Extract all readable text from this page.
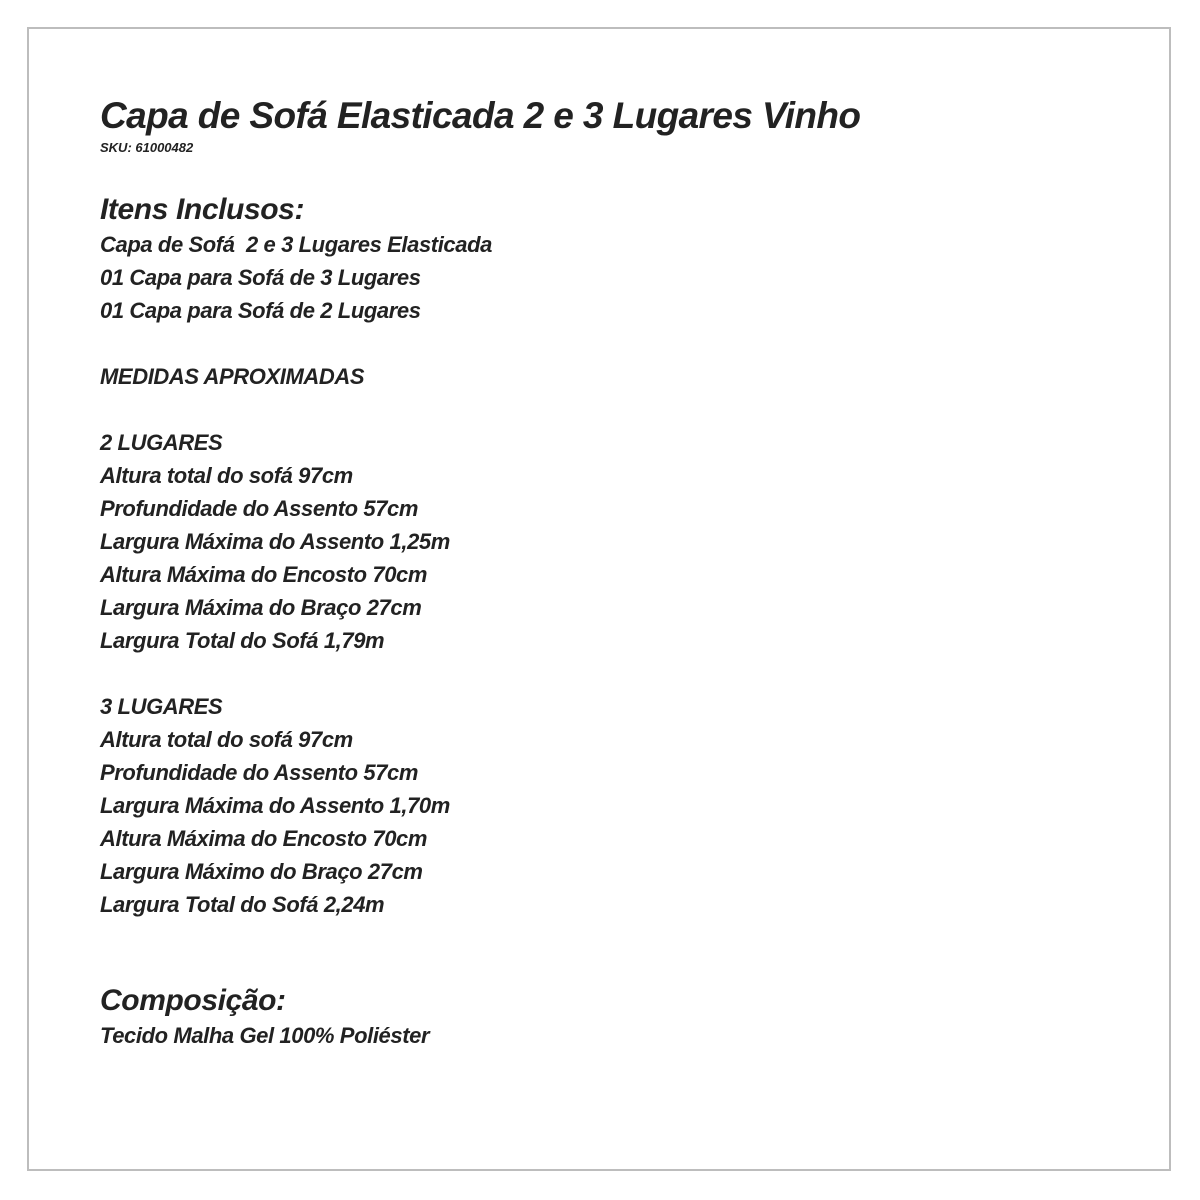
Capa de Sofá Elasticada 2 e 3 Lugares Vinho

SKU: 61000482

Itens Inclusos:

Capa de Sofá  2 e 3 Lugares Elasticada

01 Capa para Sofá de 3 Lugares

01 Capa para Sofá de 2 Lugares

MEDIDAS APROXIMADAS

2 LUGARES

Altura total do sofá 97cm

Profundidade do Assento 57cm

Largura Máxima do Assento 1,25m

Altura Máxima do Encosto 70cm

Largura Máxima do Braço 27cm

Largura Total do Sofá 1,79m

3 LUGARES

Altura total do sofá 97cm

Profundidade do Assento 57cm

Largura Máxima do Assento 1,70m

Altura Máxima do Encosto 70cm

Largura Máximo do Braço 27cm

Largura Total do Sofá 2,24m

Composição:

Tecido Malha Gel 100% Poliéster
